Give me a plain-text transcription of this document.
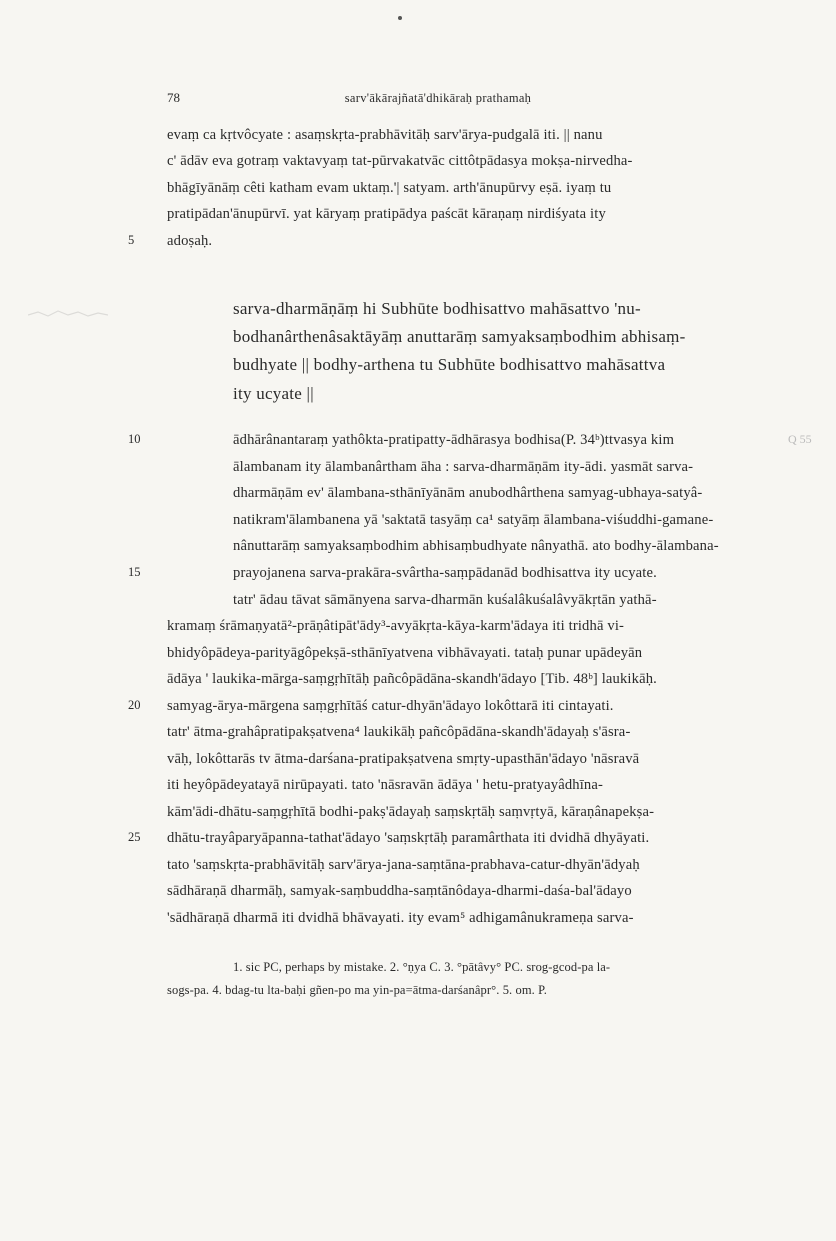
78	sarv'ākārajñatā'dhikāraḥ prathamaḥ
evaṃ ca kṛtvôcyate : asaṃskṛta-prabhāvitāḥ sarv'ārya-pudgalā iti. || nanu
c' ādāv eva gotraṃ vaktavyaṃ tat-pūrvakatvāc cittôtpādasya mokṣa-nirvedha-
bhāgīyānāṃ cêti katham evam uktaṃ.'| satyam. arth'ānupūrvy eṣā. iyaṃ tu
pratipādan'ānupūrvī. yat kāryaṃ pratipādya paścāt kāraṇaṃ nirdiśyata ity
5 adoṣaḥ.
sarva-dharmāṇāṃ hi Subhūte bodhisattvo mahāsattvo 'nu-
bodhanârthenâsaktāyāṃ anuttarāṃ samyaksaṃbodhim abhisaṃ-
budhyate || bodhy-arthena tu Subhūte bodhisattvo mahāsattva
ity ucyate ||
10	ādhārânantaraṃ yathôkta-pratipatty-ādhārasya bodhisa(P. 34ᵇ)ttvasya kim	Q 55
ālambanam ity ālambanârtham āha : sarva-dharmāṇām ity-ādi. yasmāt sarva-
dharmāṇām ev' ālambana-sthānīyānām anubodhârthena samyag-ubhaya-satyâ-
natikram'ālambanena yā 'saktatā tasyāṃ ca¹ satyāṃ ālambana-viśuddhi-gamane-
nânuttarāṃ samyaksaṃbodhim abhisaṃbudhyate nânyathā. ato bodhy-ālambana-
15	prayojanena sarva-prakāra-svârtha-saṃpādanād bodhisattva ity ucyate.
tatr' ādau tāvat sāmānyena sarva-dharmān kuśalâkuśalâvyākṛtān yathā-
kramaṃ śrāmaṇyatā²-prāṇâtipāt'ādy³-avyākṛta-kāya-karm'ādaya iti tridhā vi-
bhidyôpādeya-parityāgôpekṣā-sthānīyatvena vibhāvayati. tataḥ punar upādeyān
ādāya ' laukika-mārga-saṃgṛhītāḥ pañcôpādāna-skandh'ādayo [Tib. 48ᵇ] laukikāḥ.
20 samyag-ārya-mārgena saṃgṛhītāś catur-dhyān'ādayo lokôttarā iti cintayati.
tatr' ātma-grahâpratipakṣatvena⁴ laukikāḥ pañcôpādāna-skandh'ādayaḥ s'āsra-
vāḥ, lokôttarās tv ātma-darśana-pratipakṣatvena smṛty-upasthān'ādayo 'nāsravā
iti heyôpādeyatayā nirūpayati. tato 'nāsravān ādāya ' hetu-pratyayâdhīna-
kām'ādi-dhātu-saṃgṛhītā bodhi-pakṣ'ādayaḥ saṃskṛtāḥ saṃvṛtyā, kāraṇânapekṣa-
25 dhātu-trayâparyāpanna-tathat'ādayo 'saṃskṛtāḥ paramârthata iti dvidhā dhyāyati.
tato 'saṃskṛta-prabhāvitāḥ sarv'ārya-jana-saṃtāna-prabhava-catur-dhyān'ādyaḥ
sādhāraṇā dharmāḥ, samyak-saṃbuddha-saṃtānôdaya-dharmi-daśa-bal'ādayo
'sādhāraṇā dharmā iti dvidhā bhāvayati. ity evam⁵ adhigamânukrameṇa sarva-
1. sic PC, perhaps by mistake. 2. °ṇya C. 3. °pātâvy° PC. srog-gcod-pa la-
sogs-pa. 4. bdag-tu lta-baḥi gñen-po ma yin-pa=ātma-darśanâpr°. 5. om. P.
